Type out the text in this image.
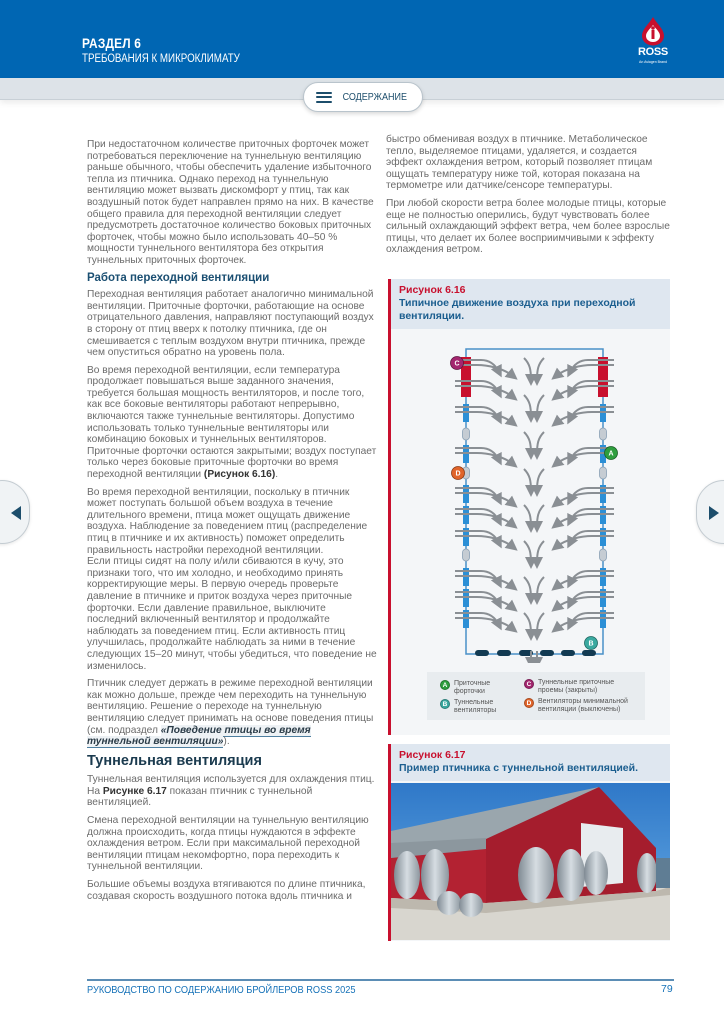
РАЗДЕЛ 6
ТРЕБОВАНИЯ К МИКРОКЛИМАТУ
ROSS
An Aviagen Brand
СОДЕРЖАНИЕ

При недостаточном количестве приточных форточек может потребоваться переключение на туннельную вентиляцию раньше обычного, чтобы обеспечить удаление избыточного тепла из птичника. Однако переход на туннельную вентиляцию может вызвать дискомфорт у птиц, так как воздушный поток будет направлен прямо на них. В качестве общего правила для переходной вентиляции следует предусмотреть достаточное количество боковых приточных форточек, чтобы можно было использовать 40–50 % мощности туннельного вентилятора без открытия туннельных приточных форточек.

Работа переходной вентиляции

Переходная вентиляция работает аналогично минимальной вентиляции. Приточные форточки, работающие на основе отрицательного давления, направляют поступающий воздух в сторону от птиц вверх к потолку птичника, где он смешивается с теплым воздухом внутри птичника, прежде чем опуститься обратно на уровень пола.

Во время переходной вентиляции, если температура продолжает повышаться выше заданного значения, требуется большая мощность вентиляторов, и после того, как все боковые вентиляторы работают непрерывно, включаются также туннельные вентиляторы. Допустимо использовать только туннельные вентиляторы или комбинацию боковых и туннельных вентиляторов. Приточные форточки остаются закрытыми; воздух поступает только через боковые приточные форточки во время переходной вентиляции (Рисунок 6.16).

Во время переходной вентиляции, поскольку в птичник может поступать большой объем воздуха в течение длительного времени, птица может ощущать движение воздуха. Наблюдение за поведением птиц (распределение птиц в птичнике и их активность) поможет определить правильность настройки переходной вентиляции.

Если птицы сидят на полу и/или сбиваются в кучу, это признаки того, что им холодно, и необходимо принять корректирующие меры. В первую очередь проверьте давление в птичнике и приток воздуха через приточные форточки. Если давление правильное, выключите последний включенный вентилятор и продолжайте наблюдать за поведением птиц. Если активность птиц улучшилась, продолжайте наблюдать за ними в течение следующих 15–20 минут, чтобы убедиться, что поведение не изменилось.

Птичник следует держать в режиме переходной вентиляции как можно дольше, прежде чем переходить на туннельную вентиляцию. Решение о переходе на туннельную вентиляцию следует принимать на основе поведения птицы (см. подраздел «Поведение птицы во время туннельной вентиляции»).

Туннельная вентиляция

Туннельная вентиляция используется для охлаждения птиц. На Рисунке 6.17 показан птичник с туннельной вентиляцией.

Смена переходной вентиляции на туннельную вентиляцию должна происходить, когда птицы нуждаются в эффекте охлаждения ветром. Если при максимальной переходной вентиляции птицам некомфортно, пора переходить к туннельной вентиляции.

Большие объемы воздуха втягиваются по длине птичника, создавая скорость воздушного потока вдоль птичника и

быстро обменивая воздух в птичнике. Метаболическое тепло, выделяемое птицами, удаляется, и создается эффект охлаждения ветром, который позволяет птицам ощущать температуру ниже той, которая показана на термометре или датчике/сенсоре температуры.

При любой скорости ветра более молодые птицы, которые еще не полностью оперились, будут чувствовать более сильный охлаждающий эффект ветра, чем более взрослые птицы, что делает их более восприимчивыми к эффекту охлаждения ветром.

Рисунок 6.16
Типичное движение воздуха при переходной вентиляции.
C
A
D
B
A Приточные
форточки
B Туннельные
вентиляторы
C Туннельные приточные
проемы (закрыты)
D Вентиляторы минимальной
вентиляции (выключены)
Рисунок 6.17
Пример птичника с туннельной вентиляцией.
РУКОВОДСТВО ПО СОДЕРЖАНИЮ БРОЙЛЕРОВ ROSS 2025	79
